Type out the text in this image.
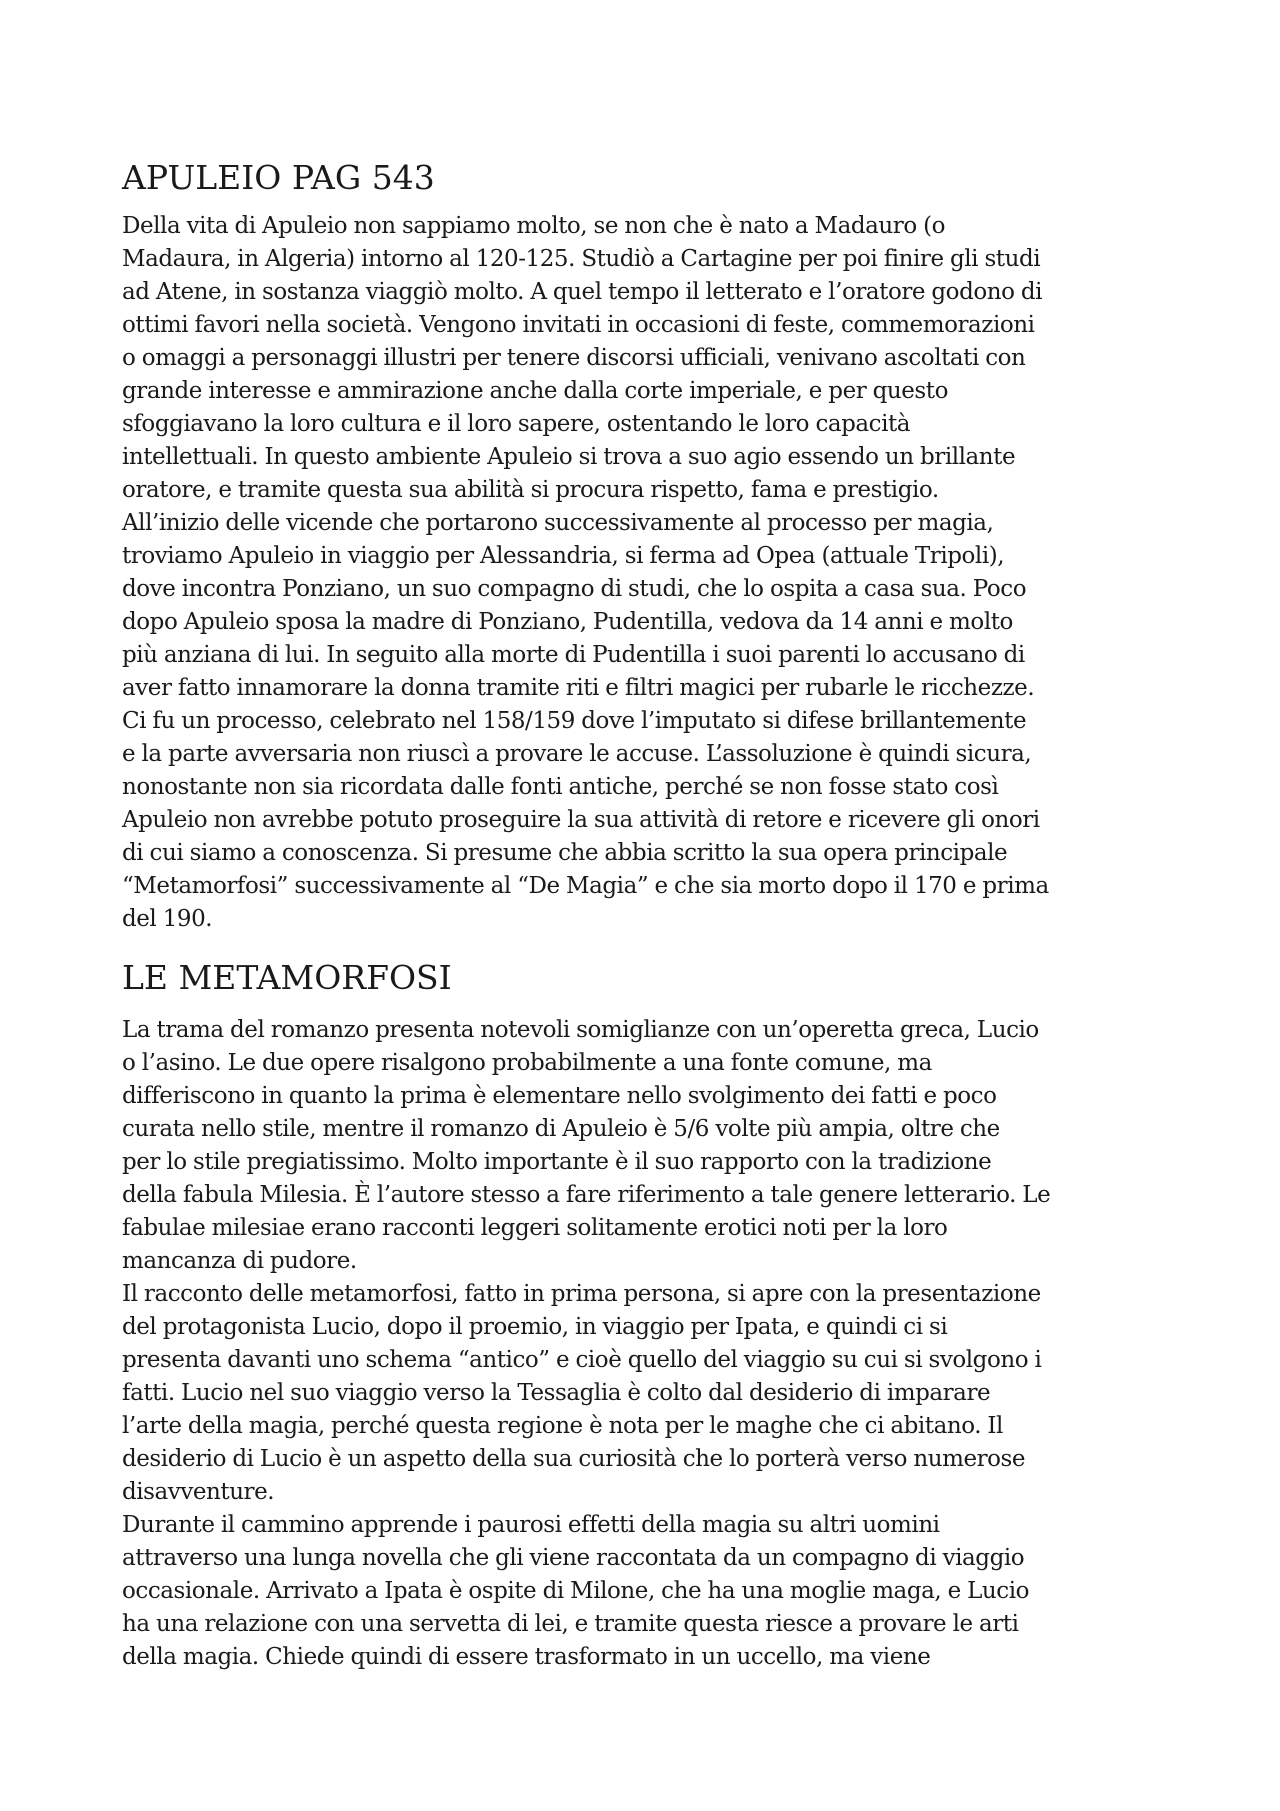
APULEIO PAG 543

Della vita di Apuleio non sappiamo molto, se non che è nato a Madauro (o
Madaura, in Algeria) intorno al 120-125. Studiò a Cartagine per poi finire gli studi
ad Atene, in sostanza viaggiò molto. A quel tempo il letterato e l’oratore godono di
ottimi favori nella società. Vengono invitati in occasioni di feste, commemorazioni
o omaggi a personaggi illustri per tenere discorsi ufficiali, venivano ascoltati con
grande interesse e ammirazione anche dalla corte imperiale, e per questo
sfoggiavano la loro cultura e il loro sapere, ostentando le loro capacità
intellettuali. In questo ambiente Apuleio si trova a suo agio essendo un brillante
oratore, e tramite questa sua abilità si procura rispetto, fama e prestigio.

All’inizio delle vicende che portarono successivamente al processo per magia,
troviamo Apuleio in viaggio per Alessandria, si ferma ad Opea (attuale Tripoli),
dove incontra Ponziano, un suo compagno di studi, che lo ospita a casa sua. Poco
dopo Apuleio sposa la madre di Ponziano, Pudentilla, vedova da 14 anni e molto
più anziana di lui. In seguito alla morte di Pudentilla i suoi parenti lo accusano di
aver fatto innamorare la donna tramite riti e filtri magici per rubarle le ricchezze.
Ci fu un processo, celebrato nel 158/159 dove l’imputato si difese brillantemente
e la parte avversaria non riuscì a provare le accuse. L’assoluzione è quindi sicura,
nonostante non sia ricordata dalle fonti antiche, perché se non fosse stato così
Apuleio non avrebbe potuto proseguire la sua attività di retore e ricevere gli onori
di cui siamo a conoscenza. Si presume che abbia scritto la sua opera principale
“Metamorfosi” successivamente al “De Magia” e che sia morto dopo il 170 e prima
del 190.

LE METAMORFOSI

La trama del romanzo presenta notevoli somiglianze con un’operetta greca, Lucio
o l’asino. Le due opere risalgono probabilmente a una fonte comune, ma
differiscono in quanto la prima è elementare nello svolgimento dei fatti e poco
curata nello stile, mentre il romanzo di Apuleio è 5/6 volte più ampia, oltre che
per lo stile pregiatissimo. Molto importante è il suo rapporto con la tradizione
della fabula Milesia. È l’autore stesso a fare riferimento a tale genere letterario. Le
fabulae milesiae erano racconti leggeri solitamente erotici noti per la loro
mancanza di pudore.

Il racconto delle metamorfosi, fatto in prima persona, si apre con la presentazione
del protagonista Lucio, dopo il proemio, in viaggio per Ipata, e quindi ci si
presenta davanti uno schema “antico” e cioè quello del viaggio su cui si svolgono i
fatti. Lucio nel suo viaggio verso la Tessaglia è colto dal desiderio di imparare
l’arte della magia, perché questa regione è nota per le maghe che ci abitano. Il
desiderio di Lucio è un aspetto della sua curiosità che lo porterà verso numerose
disavventure.

Durante il cammino apprende i paurosi effetti della magia su altri uomini
attraverso una lunga novella che gli viene raccontata da un compagno di viaggio
occasionale. Arrivato a Ipata è ospite di Milone, che ha una moglie maga, e Lucio
ha una relazione con una servetta di lei, e tramite questa riesce a provare le arti
della magia. Chiede quindi di essere trasformato in un uccello, ma viene
